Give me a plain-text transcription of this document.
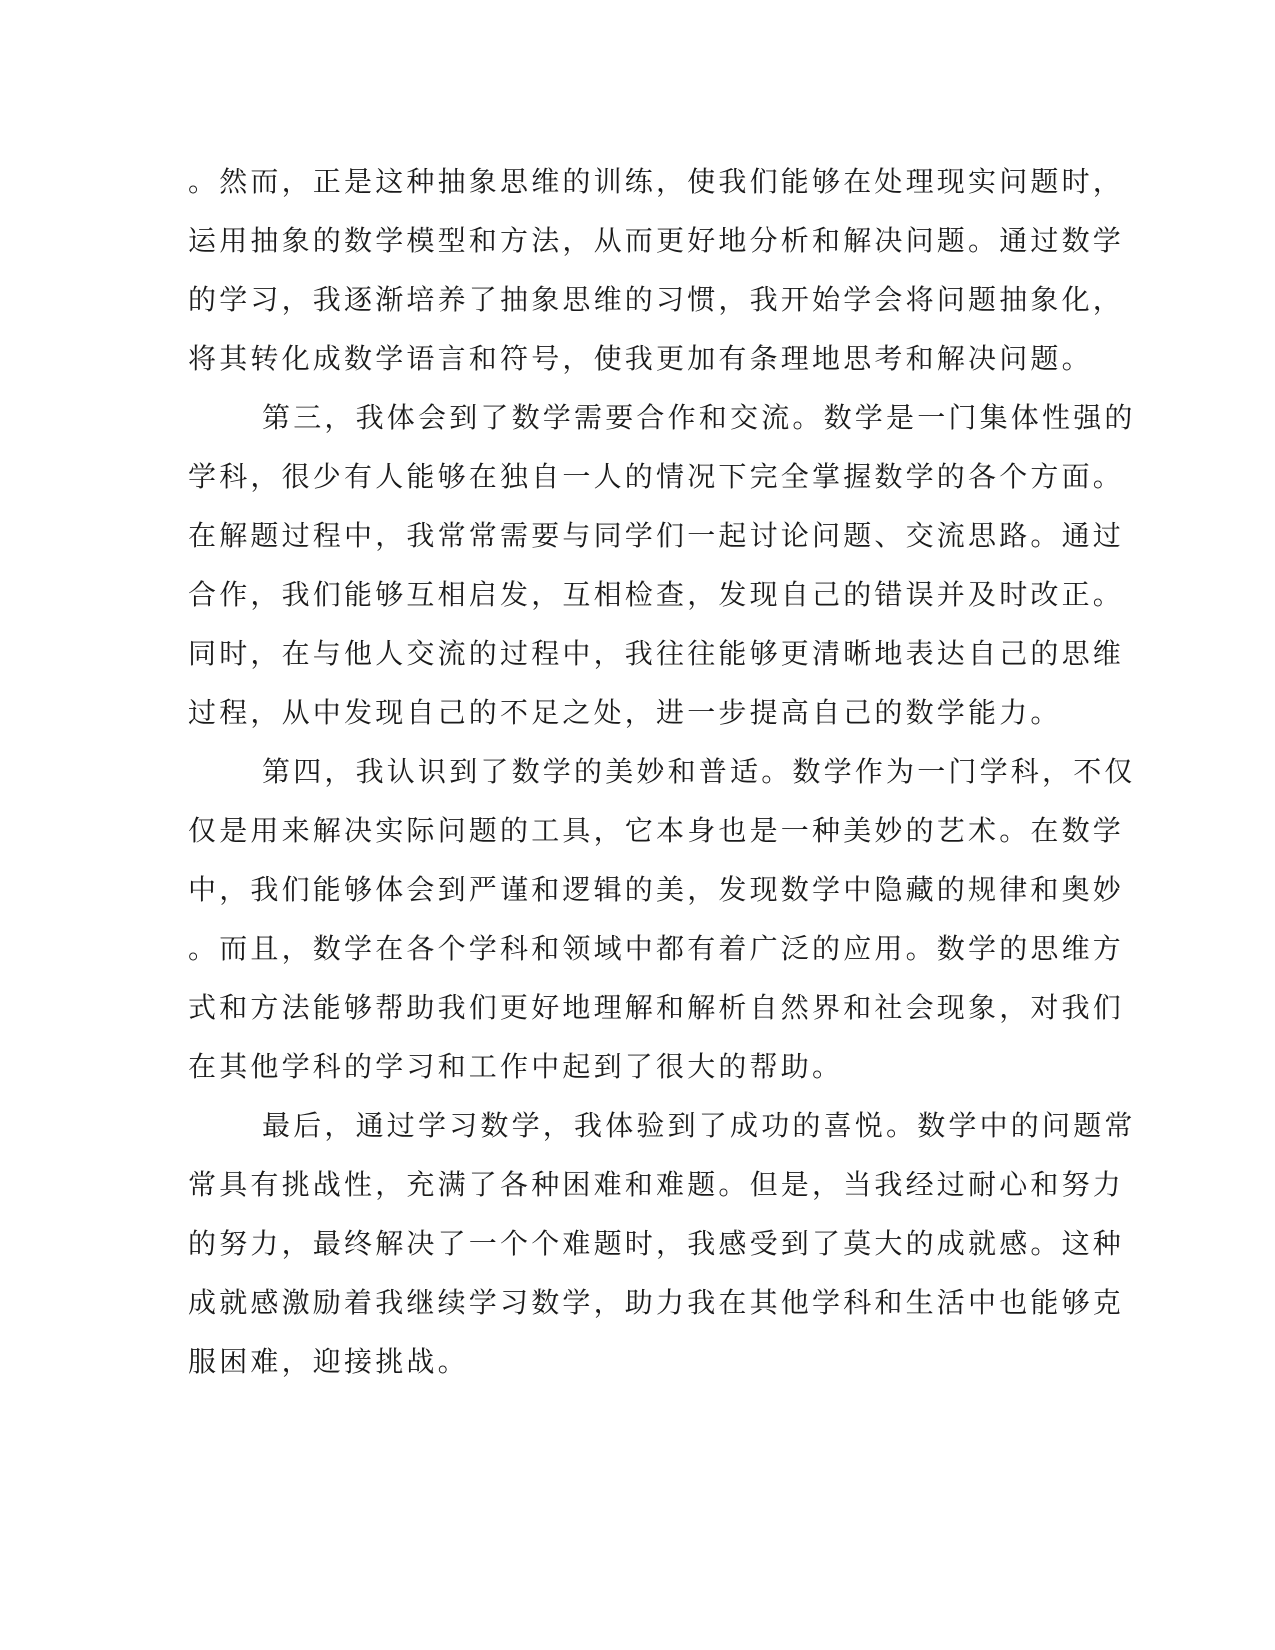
。然而，正是这种抽象思维的训练，使我们能够在处理现实问题时，
运用抽象的数学模型和方法，从而更好地分析和解决问题。通过数学
的学习，我逐渐培养了抽象思维的习惯，我开始学会将问题抽象化，
将其转化成数学语言和符号，使我更加有条理地思考和解决问题。
第三，我体会到了数学需要合作和交流。数学是一门集体性强的
学科，很少有人能够在独自一人的情况下完全掌握数学的各个方面。
在解题过程中，我常常需要与同学们一起讨论问题、交流思路。通过
合作，我们能够互相启发，互相检查，发现自己的错误并及时改正。
同时，在与他人交流的过程中，我往往能够更清晰地表达自己的思维
过程，从中发现自己的不足之处，进一步提高自己的数学能力。
第四，我认识到了数学的美妙和普适。数学作为一门学科，不仅
仅是用来解决实际问题的工具，它本身也是一种美妙的艺术。在数学
中，我们能够体会到严谨和逻辑的美，发现数学中隐藏的规律和奥妙
。而且，数学在各个学科和领域中都有着广泛的应用。数学的思维方
式和方法能够帮助我们更好地理解和解析自然界和社会现象，对我们
在其他学科的学习和工作中起到了很大的帮助。
最后，通过学习数学，我体验到了成功的喜悦。数学中的问题常
常具有挑战性，充满了各种困难和难题。但是，当我经过耐心和努力
的努力，最终解决了一个个难题时，我感受到了莫大的成就感。这种
成就感激励着我继续学习数学，助力我在其他学科和生活中也能够克
服困难，迎接挑战。
